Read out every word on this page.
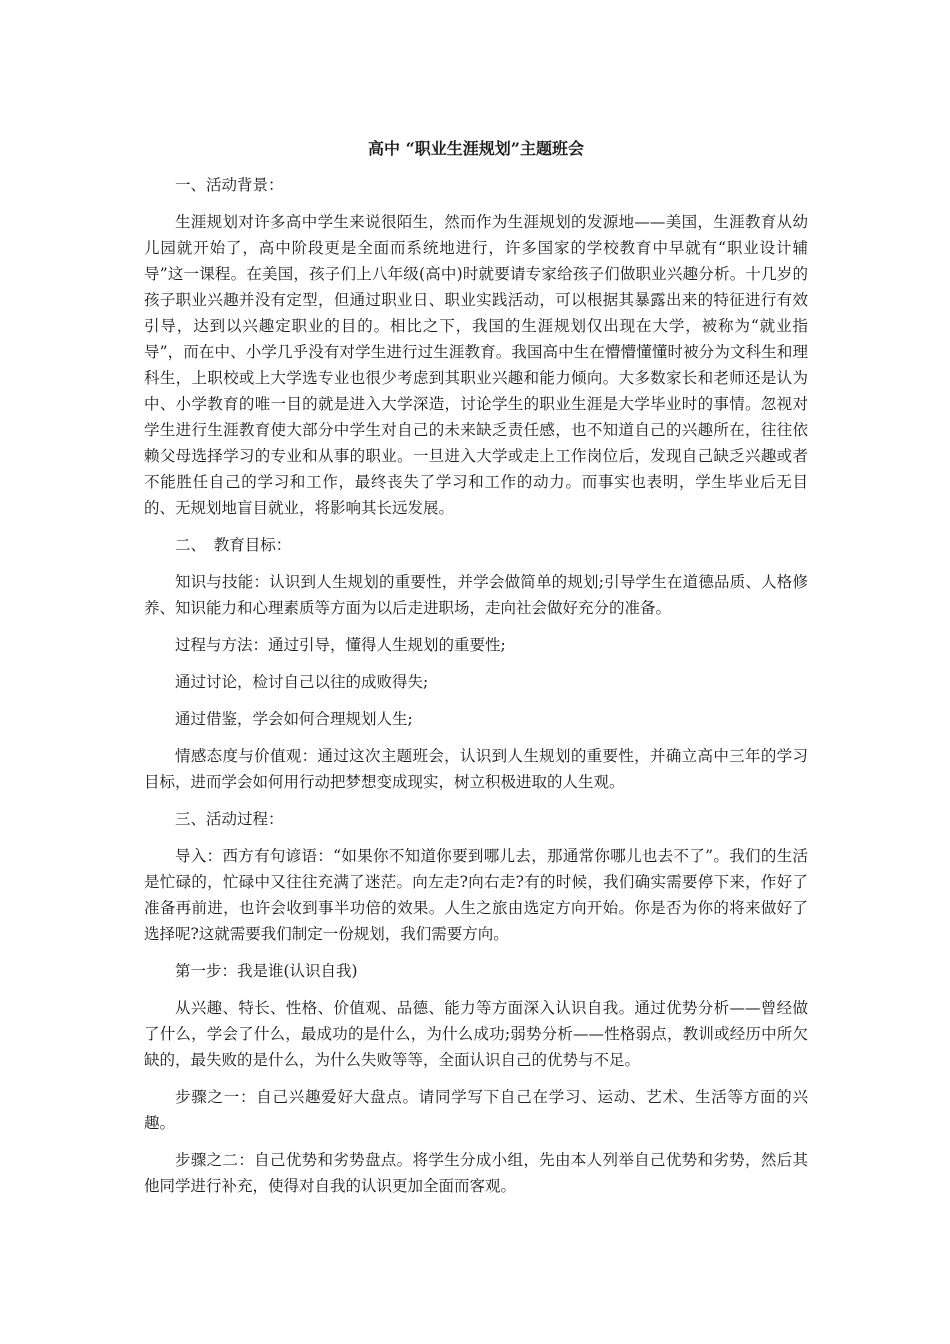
高中 “职业生涯规划”主题班会

一、活动背景：

生涯规划对许多高中学生来说很陌生，然而作为生涯规划的发源地——美国，生涯教育从幼儿园就开始了，高中阶段更是全面而系统地进行，许多国家的学校教育中早就有“职业设计辅导”这一课程。在美国，孩子们上八年级(高中)时就要请专家给孩子们做职业兴趣分析。十几岁的孩子职业兴趣并没有定型，但通过职业日、职业实践活动，可以根据其暴露出来的特征进行有效引导，达到以兴趣定职业的目的。相比之下，我国的生涯规划仅出现在大学，被称为“就业指导”，而在中、小学几乎没有对学生进行过生涯教育。我国高中生在懵懵懂懂时被分为文科生和理科生，上职校或上大学选专业也很少考虑到其职业兴趣和能力倾向。大多数家长和老师还是认为中、小学教育的唯一目的就是进入大学深造，讨论学生的职业生涯是大学毕业时的事情。忽视对学生进行生涯教育使大部分中学生对自己的未来缺乏责任感，也不知道自己的兴趣所在，往往依赖父母选择学习的专业和从事的职业。一旦进入大学或走上工作岗位后，发现自己缺乏兴趣或者不能胜任自己的学习和工作，最终丧失了学习和工作的动力。而事实也表明，学生毕业后无目的、无规划地盲目就业，将影响其长远发展。

二、　教育目标：

知识与技能：认识到人生规划的重要性，并学会做简单的规划;引导学生在道德品质、人格修养、知识能力和心理素质等方面为以后走进职场，走向社会做好充分的准备。

过程与方法：通过引导，懂得人生规划的重要性;

通过讨论，检讨自己以往的成败得失;

通过借鉴，学会如何合理规划人生;

情感态度与价值观：通过这次主题班会，认识到人生规划的重要性，并确立高中三年的学习目标，进而学会如何用行动把梦想变成现实，树立积极进取的人生观。

三、活动过程：

导入：西方有句谚语：“如果你不知道你要到哪儿去，那通常你哪儿也去不了”。我们的生活是忙碌的，忙碌中又往往充满了迷茫。向左走?向右走?有的时候，我们确实需要停下来，作好了准备再前进，也许会收到事半功倍的效果。人生之旅由选定方向开始。你是否为你的将来做好了选择呢?这就需要我们制定一份规划，我们需要方向。

第一步：我是谁(认识自我)

从兴趣、特长、性格、价值观、品德、能力等方面深入认识自我。通过优势分析——曾经做了什么，学会了什么，最成功的是什么，为什么成功;弱势分析——性格弱点，教训或经历中所欠缺的，最失败的是什么，为什么失败等等，全面认识自己的优势与不足。

步骤之一：自己兴趣爱好大盘点。请同学写下自己在学习、运动、艺术、生活等方面的兴趣。

步骤之二：自己优势和劣势盘点。将学生分成小组，先由本人列举自己优势和劣势，然后其他同学进行补充，使得对自我的认识更加全面而客观。
